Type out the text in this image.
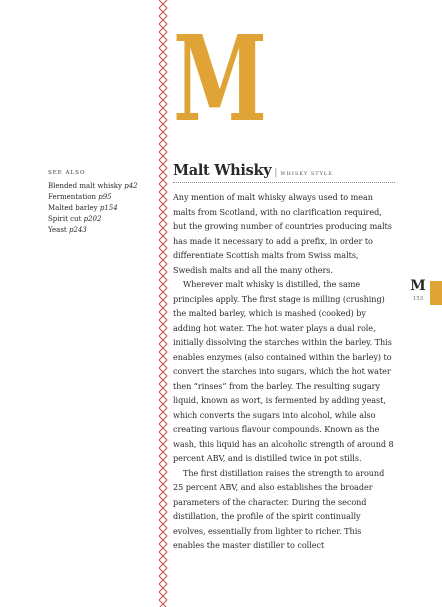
M
SEE ALSO
Blended malt whisky p42
Fermentation p95
Malted barley p154
Spirit cut p202
Yeast p243
Malt Whisky | WHISKY STYLE

Any mention of malt whisky always used to mean malts from Scotland, with no clarification required, but the growing number of countries producing malts has made it necessary to add a prefix, in order to differentiate Scottish malts from Swiss malts, Swedish malts and all the many others.

Wherever malt whisky is distilled, the same principles apply. The first stage is milling (crushing) the malted barley, which is mashed (cooked) by adding hot water. The hot water plays a dual role, initially dissolving the starches within the barley. This enables enzymes (also contained within the barley) to convert the starches into sugars, which the hot water then “rinses” from the barley. The resulting sugary liquid, known as wort, is fermented by adding yeast, which converts the sugars into alcohol, while also creating various flavour compounds. Known as the wash, this liquid has an alcoholic strength of around 8 percent ABV, and is distilled twice in pot stills.

The first distillation raises the strength to around 25 percent ABV, and also establishes the broader parameters of the character. During the second distillation, the profile of the spirit continually evolves, essentially from lighter to richer. This enables the master distiller to collect

M
153
